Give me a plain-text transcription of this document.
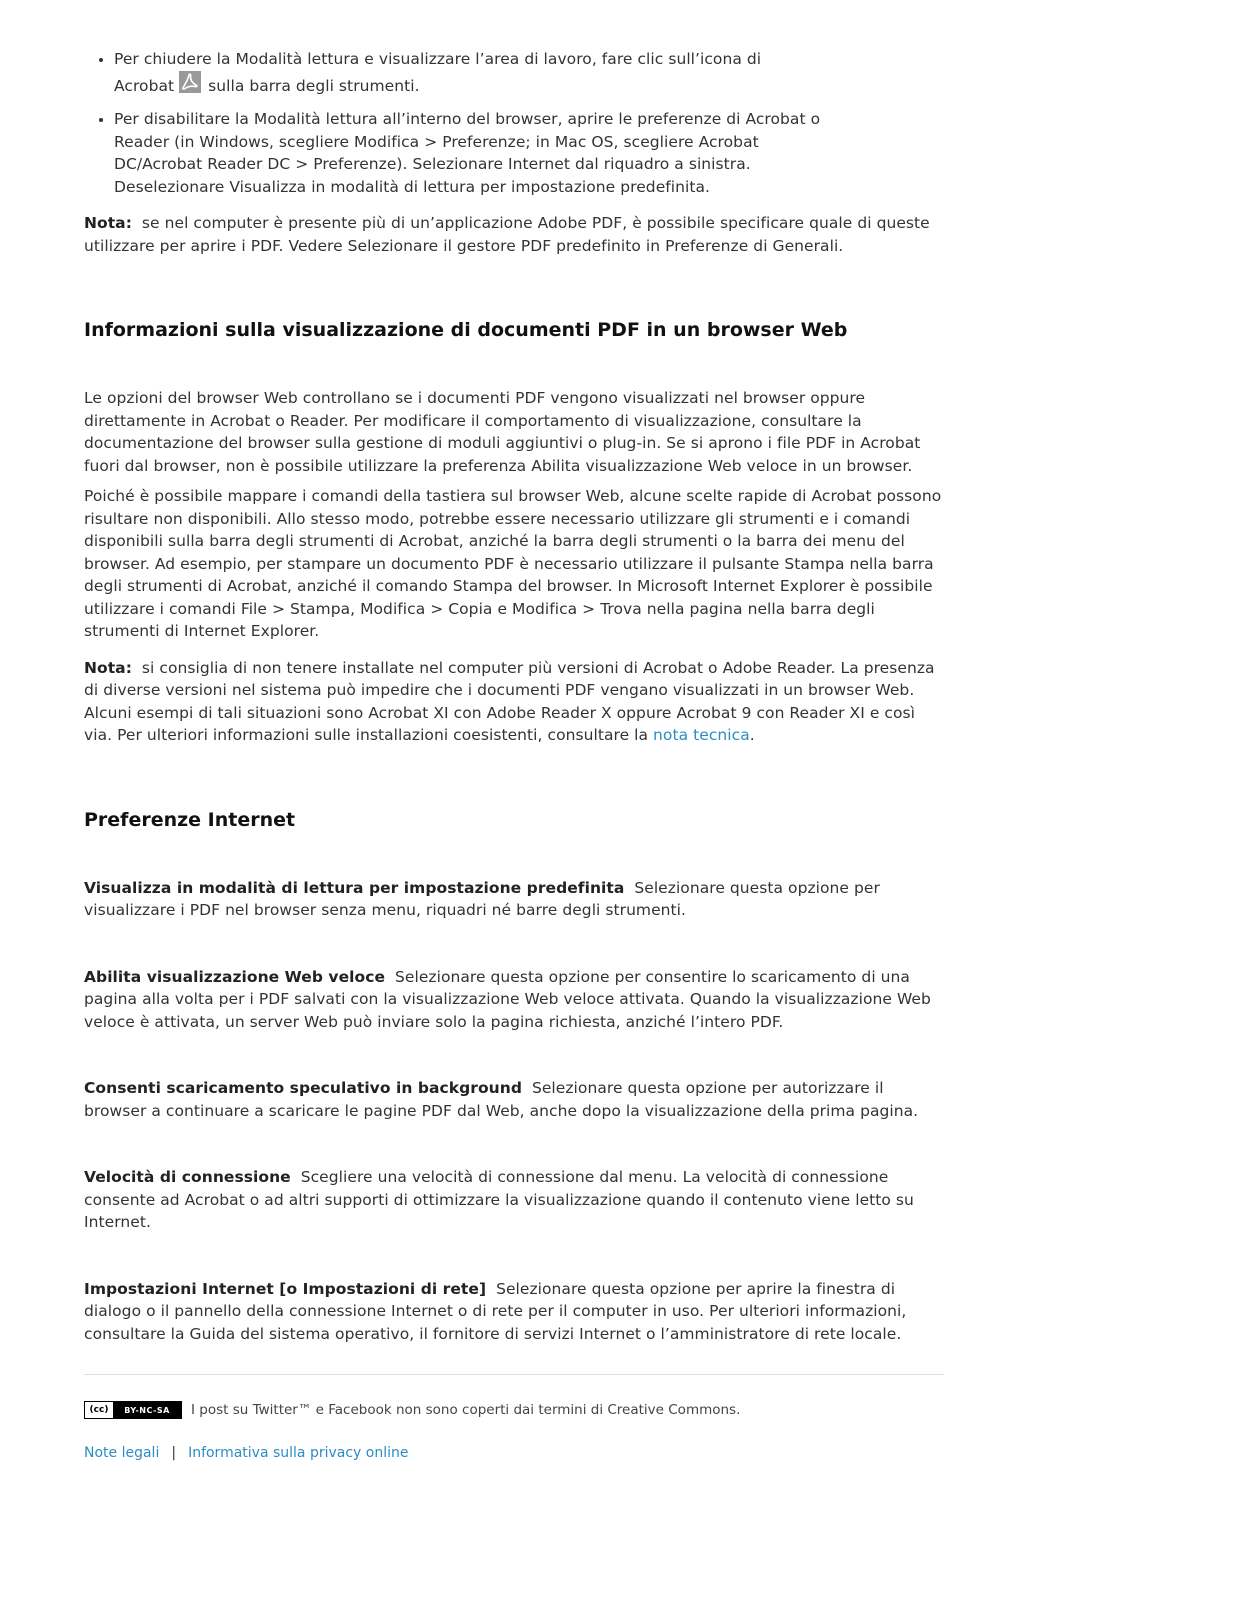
• Per chiudere la Modalità lettura e visualizzare l’area di lavoro, fare clic sull’icona di
Acrobat sulla barra degli strumenti.
• Per disabilitare la Modalità lettura all’interno del browser, aprire le preferenze di Acrobat o
Reader (in Windows, scegliere Modifica > Preferenze; in Mac OS, scegliere Acrobat
DC/Acrobat Reader DC > Preferenze). Selezionare Internet dal riquadro a sinistra.
Deselezionare Visualizza in modalità di lettura per impostazione predefinita.

Nota: se nel computer è presente più di un’applicazione Adobe PDF, è possibile specificare quale di queste utilizzare per aprire i PDF. Vedere Selezionare il gestore PDF predefinito in Preferenze di Generali.

Informazioni sulla visualizzazione di documenti PDF in un browser Web

Le opzioni del browser Web controllano se i documenti PDF vengono visualizzati nel browser oppure direttamente in Acrobat o Reader. Per modificare il comportamento di visualizzazione, consultare la documentazione del browser sulla gestione di moduli aggiuntivi o plug-in. Se si aprono i file PDF in Acrobat fuori dal browser, non è possibile utilizzare la preferenza Abilita visualizzazione Web veloce in un browser.

Poiché è possibile mappare i comandi della tastiera sul browser Web, alcune scelte rapide di Acrobat possono risultare non disponibili. Allo stesso modo, potrebbe essere necessario utilizzare gli strumenti e i comandi disponibili sulla barra degli strumenti di Acrobat, anziché la barra degli strumenti o la barra dei menu del browser. Ad esempio, per stampare un documento PDF è necessario utilizzare il pulsante Stampa nella barra degli strumenti di Acrobat, anziché il comando Stampa del browser. In Microsoft Internet Explorer è possibile utilizzare i comandi File > Stampa, Modifica > Copia e Modifica > Trova nella pagina nella barra degli strumenti di Internet Explorer.

Nota: si consiglia di non tenere installate nel computer più versioni di Acrobat o Adobe Reader. La presenza di diverse versioni nel sistema può impedire che i documenti PDF vengano visualizzati in un browser Web. Alcuni esempi di tali situazioni sono Acrobat XI con Adobe Reader X oppure Acrobat 9 con Reader XI e così via. Per ulteriori informazioni sulle installazioni coesistenti, consultare la nota tecnica.

Preferenze Internet

Visualizza in modalità di lettura per impostazione predefinita Selezionare questa opzione per visualizzare i PDF nel browser senza menu, riquadri né barre degli strumenti.

Abilita visualizzazione Web veloce Selezionare questa opzione per consentire lo scaricamento di una pagina alla volta per i PDF salvati con la visualizzazione Web veloce attivata. Quando la visualizzazione Web veloce è attivata, un server Web può inviare solo la pagina richiesta, anziché l’intero PDF.

Consenti scaricamento speculativo in background Selezionare questa opzione per autorizzare il browser a continuare a scaricare le pagine PDF dal Web, anche dopo la visualizzazione della prima pagina.

Velocità di connessione Scegliere una velocità di connessione dal menu. La velocità di connessione consente ad Acrobat o ad altri supporti di ottimizzare la visualizzazione quando il contenuto viene letto su Internet.

Impostazioni Internet [o Impostazioni di rete] Selezionare questa opzione per aprire la finestra di dialogo o il pannello della connessione Internet o di rete per il computer in uso. Per ulteriori informazioni, consultare la Guida del sistema operativo, il fornitore di servizi Internet o l’amministratore di rete locale.

(cc)	BY-NC-SA	I post su Twitter™ e Facebook non sono coperti dai termini di Creative Commons.
Note legali | Informativa sulla privacy online
